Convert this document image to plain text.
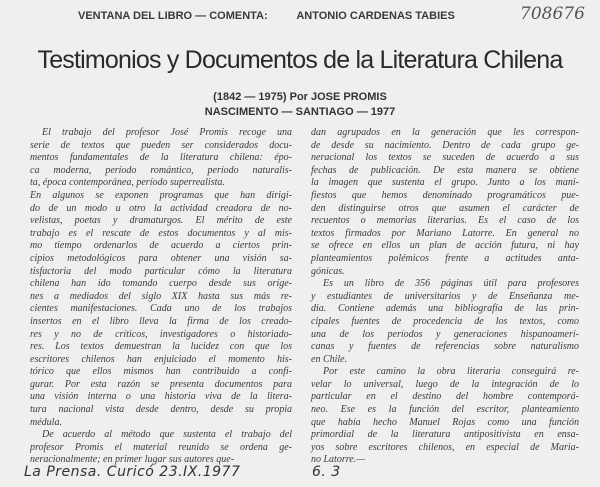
VENTANA DEL LIBRO — COMENTA:	ANTONIO CARDENAS TABIES	708676
Testimonios y Documentos de la Literatura Chilena
(1842 — 1975) Por JOSE PROMIS
NASCIMENTO — SANTIAGO — 1977
El trabajo del profesor José Promis recoge una
serie de textos que pueden ser considerados docu-
mentos fundamentales de la literatura chilena: épo-
ca moderna, período romántico, período naturalis-
ta, época contemporánea, período superrealista.
En algunos se exponen programas que han dirigi-
do de un modo u otro la actividad creadora de no-
velistas, poetas y dramaturgos. El mérito de este
trabajo es el rescate de estos documentos y al mis-
mo tiempo ordenarlos de acuerdo a ciertos prin-
cipios metodológicos para obtener una visión sa-
tisfactoria del modo particular cómo la literatura
chilena han ido tomando cuerpo desde sus oríge-
nes a mediados del siglo XIX hasta sus más re-
cientes manifestaciones. Cada uno de los trabajos
insertos en el libro lleva la firma de los creado-
res y no de críticos, investigadores o historiado-
res. Los textos demuestran la lucidez con que los
escritores chilenos han enjuiciado el momento his-
tórico que ellos mismos han contribuido a confi-
gurar. Por esta razón se presenta documentos para
una visión interna o una historia viva de la litera-
tura nacional vista desde dentro, desde su propia
médula.
De acuerdo al método que sustenta el trabajo del
profesor Promis el material reunido se ordena ge-
neracionalmente; en primer lugar sus autores que-
dan agrupados en la generación que les correspon-
de desde su nacimiento. Dentro de cada grupo ge-
neracional los textos se suceden de acuerdo a sus
fechas de publicación. De esta manera se obtiene
la imagen que sustenta el grupo. Junto a los mani-
fiestos que hemos denominado programáticos pue-
den distinguirse otros que asumen el carácter de
recuentos o memorias literarias. Es el caso de los
textos firmados por Mariano Latorre. En general no
se ofrece en ellos un plan de acción futura, ni hay
planteamientos polémicos frente a actitudes anta-
gónicas.
Es un libro de 356 páginas útil para profesores
y estudiantes de universitarios y de Enseñanza me-
dia. Contiene además una bibliografía de las prin-
cipales fuentes de procedencia de los textos, como
una de los períodos y generaciones hispanoameri-
canas y fuentes de referencias sobre naturalismo
en Chile.
Por este camino la obra literaria conseguirá re-
velar lo universal, luego de la integración de lo
particular en el destino del hombre contemporá-
neo. Ese es la función del escritor, planteamiento
que había hecho Manuel Rojas como una función
primordial de la literatura antipositivista en ensa-
yos sobre escritores chilenos, en especial de Maria-
no Latorre.—
La Prensa. Curicó 23.IX.1977	6. 3
